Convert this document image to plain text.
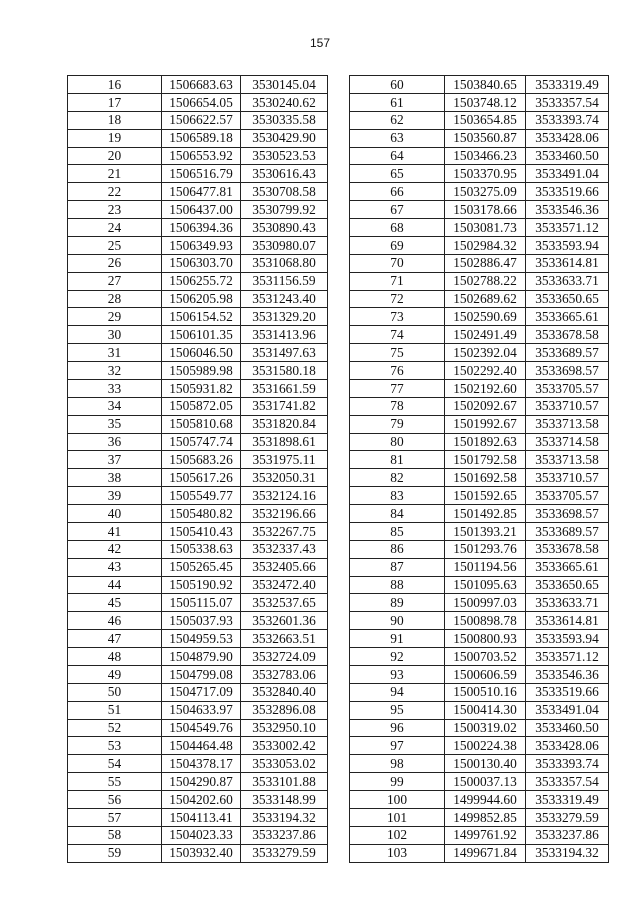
157
16	1506683.63	3530145.04
17	1506654.05	3530240.62
18	1506622.57	3530335.58
19	1506589.18	3530429.90
20	1506553.92	3530523.53
21	1506516.79	3530616.43
22	1506477.81	3530708.58
23	1506437.00	3530799.92
24	1506394.36	3530890.43
25	1506349.93	3530980.07
26	1506303.70	3531068.80
27	1506255.72	3531156.59
28	1506205.98	3531243.40
29	1506154.52	3531329.20
30	1506101.35	3531413.96
31	1506046.50	3531497.63
32	1505989.98	3531580.18
33	1505931.82	3531661.59
34	1505872.05	3531741.82
35	1505810.68	3531820.84
36	1505747.74	3531898.61
37	1505683.26	3531975.11
38	1505617.26	3532050.31
39	1505549.77	3532124.16
40	1505480.82	3532196.66
41	1505410.43	3532267.75
42	1505338.63	3532337.43
43	1505265.45	3532405.66
44	1505190.92	3532472.40
45	1505115.07	3532537.65
46	1505037.93	3532601.36
47	1504959.53	3532663.51
48	1504879.90	3532724.09
49	1504799.08	3532783.06
50	1504717.09	3532840.40
51	1504633.97	3532896.08
52	1504549.76	3532950.10
53	1504464.48	3533002.42
54	1504378.17	3533053.02
55	1504290.87	3533101.88
56	1504202.60	3533148.99
57	1504113.41	3533194.32
58	1504023.33	3533237.86
59	1503932.40	3533279.59
60	1503840.65	3533319.49
61	1503748.12	3533357.54
62	1503654.85	3533393.74
63	1503560.87	3533428.06
64	1503466.23	3533460.50
65	1503370.95	3533491.04
66	1503275.09	3533519.66
67	1503178.66	3533546.36
68	1503081.73	3533571.12
69	1502984.32	3533593.94
70	1502886.47	3533614.81
71	1502788.22	3533633.71
72	1502689.62	3533650.65
73	1502590.69	3533665.61
74	1502491.49	3533678.58
75	1502392.04	3533689.57
76	1502292.40	3533698.57
77	1502192.60	3533705.57
78	1502092.67	3533710.57
79	1501992.67	3533713.58
80	1501892.63	3533714.58
81	1501792.58	3533713.58
82	1501692.58	3533710.57
83	1501592.65	3533705.57
84	1501492.85	3533698.57
85	1501393.21	3533689.57
86	1501293.76	3533678.58
87	1501194.56	3533665.61
88	1501095.63	3533650.65
89	1500997.03	3533633.71
90	1500898.78	3533614.81
91	1500800.93	3533593.94
92	1500703.52	3533571.12
93	1500606.59	3533546.36
94	1500510.16	3533519.66
95	1500414.30	3533491.04
96	1500319.02	3533460.50
97	1500224.38	3533428.06
98	1500130.40	3533393.74
99	1500037.13	3533357.54
100	1499944.60	3533319.49
101	1499852.85	3533279.59
102	1499761.92	3533237.86
103	1499671.84	3533194.32
